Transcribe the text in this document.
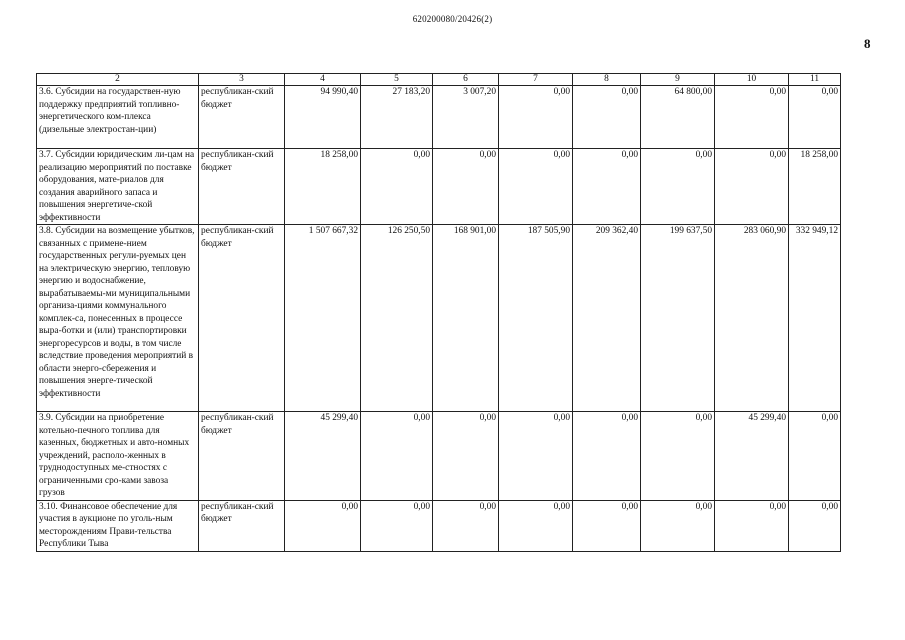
620200080/20426(2)
8
2	3	4	5	6	7	8	9	10	11
3.6. Субсидии на государствен-ную поддержку предприятий топливно-энергетического ком-плекса (дизельные электростан-ции)	республикан-ский бюджет	94 990,40	27 183,20	3 007,20	0,00	0,00	64 800,00	0,00	0,00
3.7. Субсидии юридическим ли-цам на реализацию мероприятий по поставке оборудования, мате-риалов для создания аварийного запаса и повышения энергетиче-ской эффективности	республикан-ский бюджет	18 258,00	0,00	0,00	0,00	0,00	0,00	0,00	18 258,00
3.8. Субсидии на возмещение убытков, связанных с примене-нием государственных регули-руемых цен на электрическую энергию, тепловую энергию и водоснабжение, вырабатываемы-ми муниципальными организа-циями коммунального комплек-са, понесенных в процессе выра-ботки и (или) транспортировки энергоресурсов и воды, в том числе вследствие проведения мероприятий в области энерго-сбережения и повышения энерге-тической эффективности	республикан-ский бюджет	1 507 667,32	126 250,50	168 901,00	187 505,90	209 362,40	199 637,50	283 060,90	332 949,12
3.9. Субсидии на приобретение котельно-печного топлива для казенных, бюджетных и авто-номных учреждений, располо-женных в труднодоступных ме-стностях с ограниченными сро-ками завоза грузов	республикан-ский бюджет	45 299,40	0,00	0,00	0,00	0,00	0,00	45 299,40	0,00
3.10. Финансовое обеспечение для участия в аукционе по уголь-ным месторождениям Прави-тельства Республики Тыва	республикан-ский бюджет	0,00	0,00	0,00	0,00	0,00	0,00	0,00	0,00
